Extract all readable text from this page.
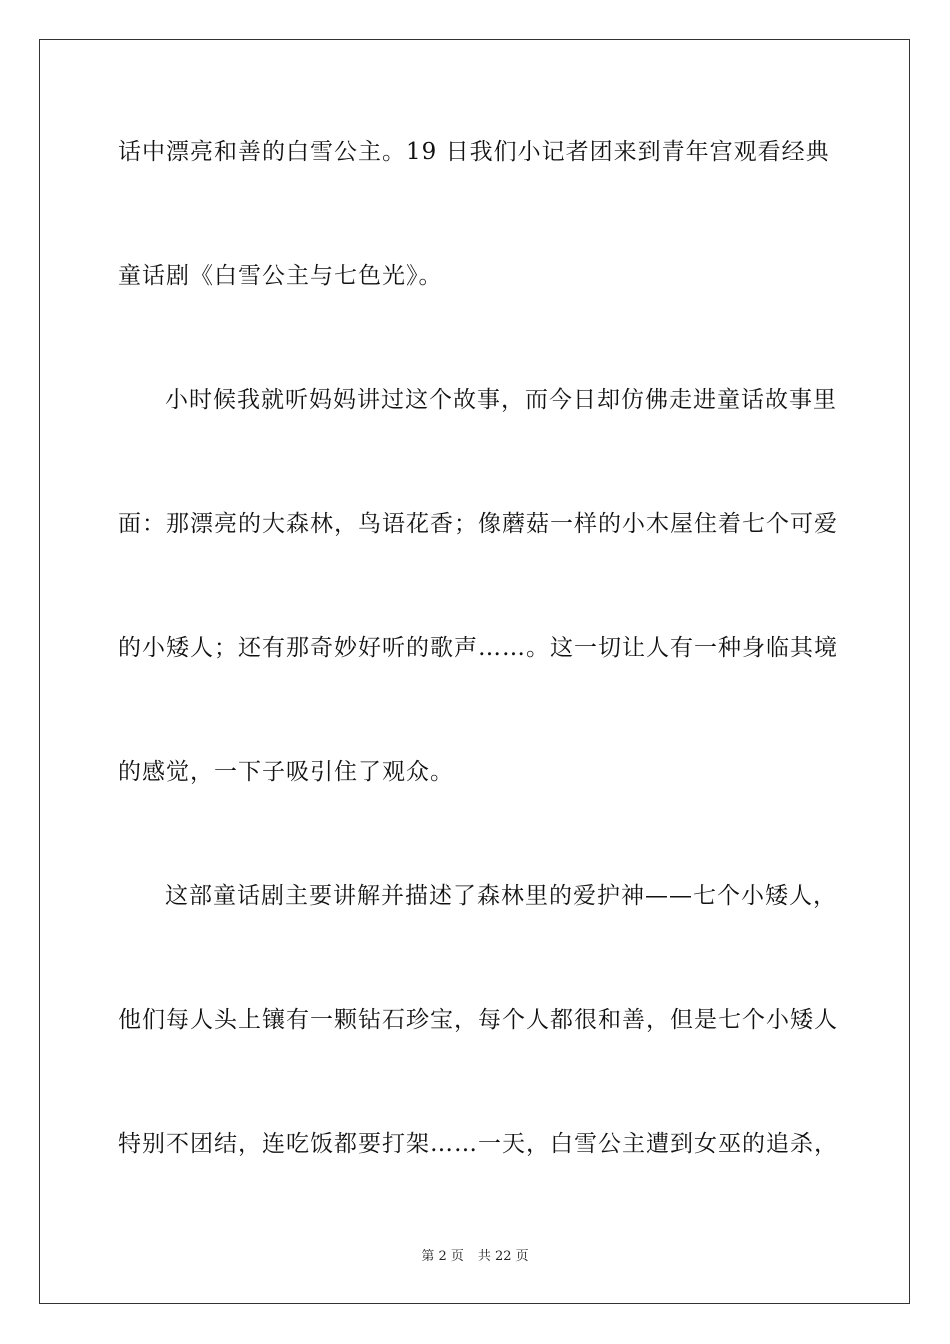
话中漂亮和善的白雪公主。19 日我们小记者团来到青年宫观看经典
童话剧《白雪公主与七色光》。
小时候我就听妈妈讲过这个故事，而今日却仿佛走进童话故事里
面：那漂亮的大森林，鸟语花香；像蘑菇一样的小木屋住着七个可爱
的小矮人；还有那奇妙好听的歌声……。这一切让人有一种身临其境
的感觉，一下子吸引住了观众。
这部童话剧主要讲解并描述了森林里的爱护神——七个小矮人，
他们每人头上镶有一颗钻石珍宝，每个人都很和善，但是七个小矮人
特别不团结，连吃饭都要打架……一天，白雪公主遭到女巫的追杀，
第 2 页 共 22 页
